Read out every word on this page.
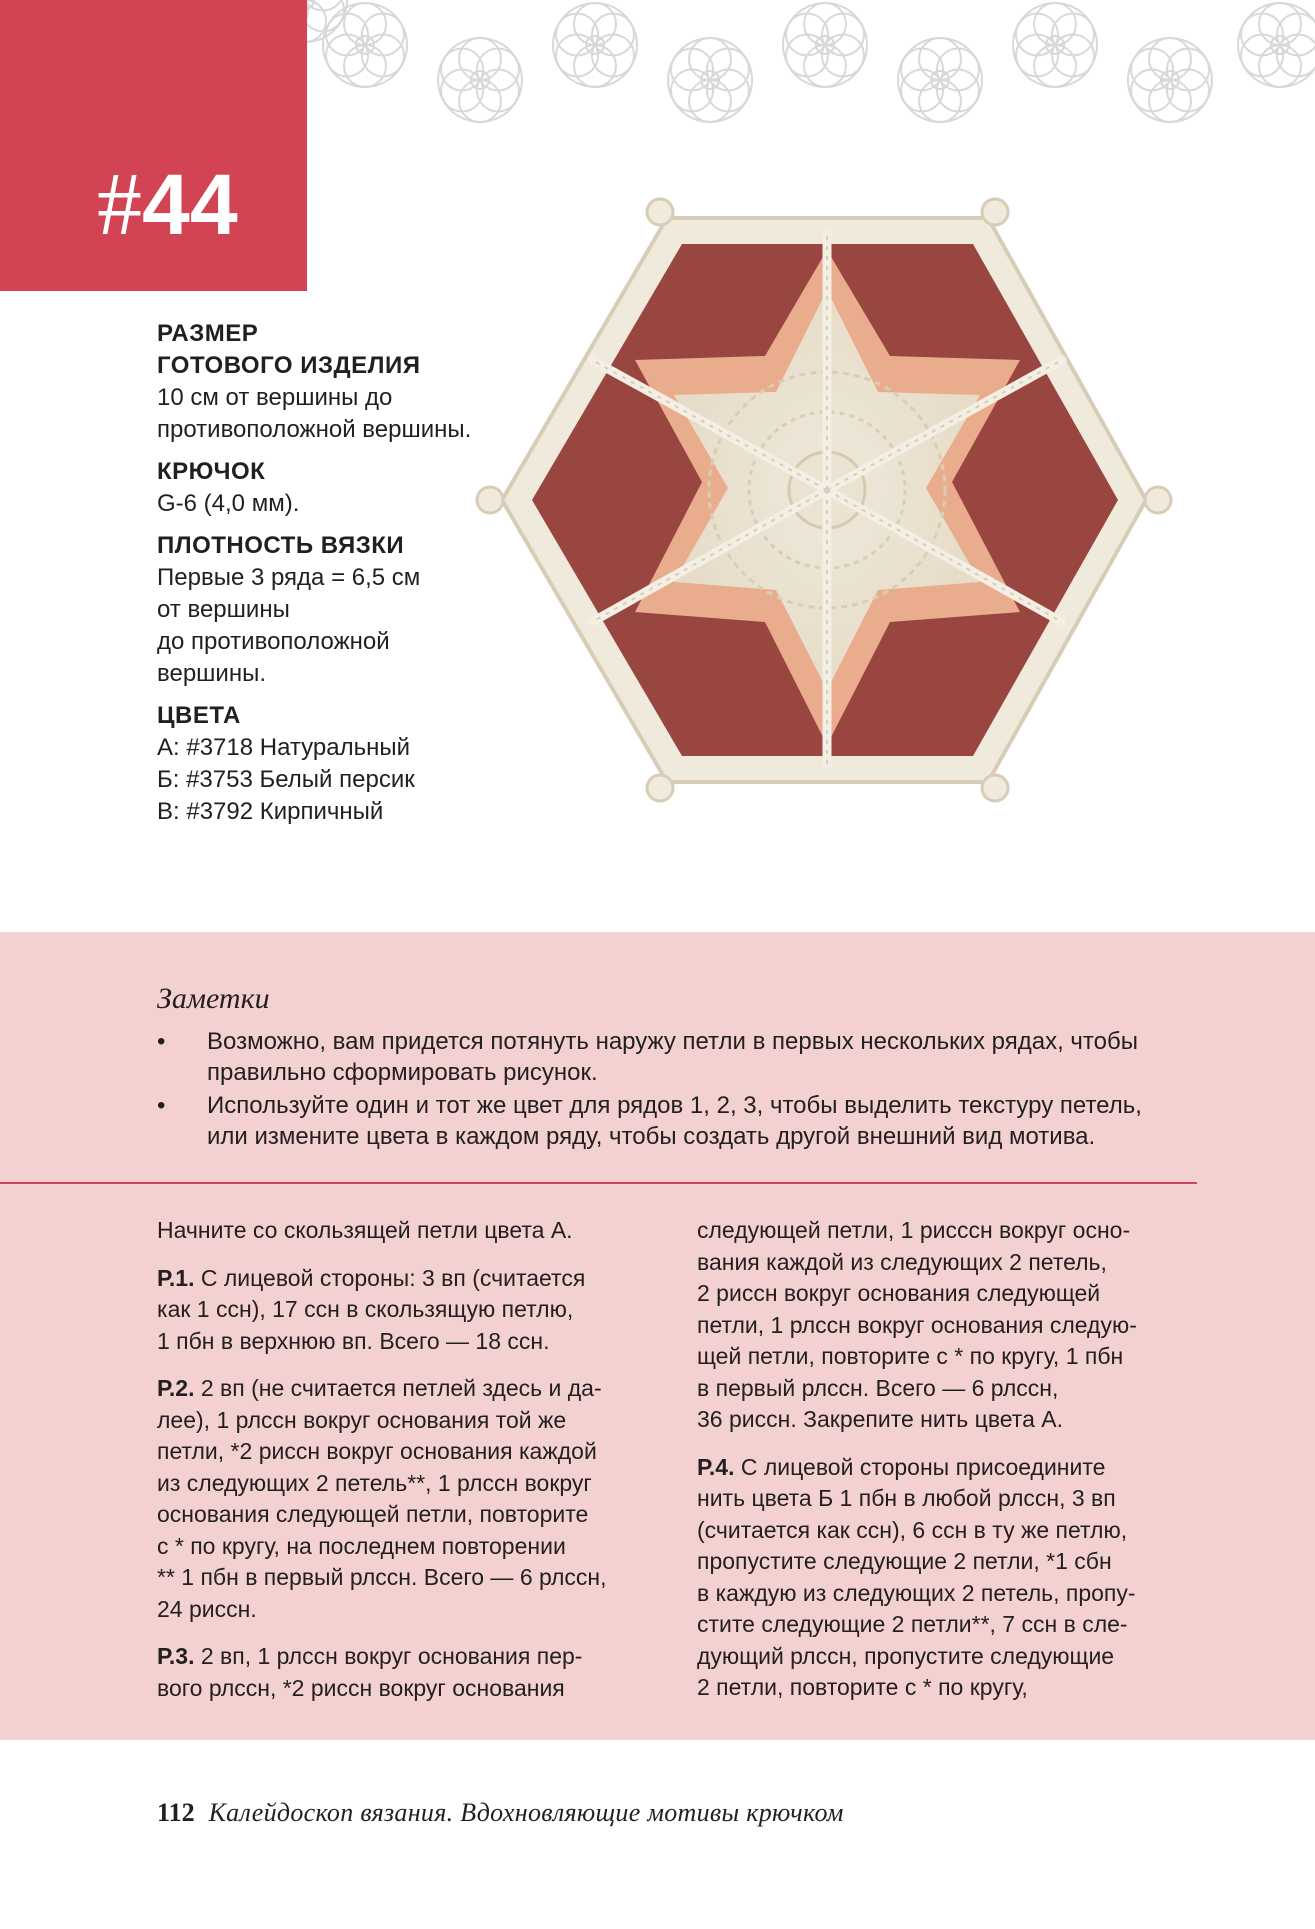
#44

РАЗМЕР

ГОТОВОГО ИЗДЕЛИЯ

10 см от вершины до

противоположной вершины.

КРЮЧОК

G-6 (4,0 мм).

ПЛОТНОСТЬ ВЯЗКИ

Первые 3 ряда = 6,5 см

от вершины

до противоположной

вершины.

ЦВЕТА

А: #3718 Натуральный

Б: #3753 Белый персик

В: #3792 Кирпичный

Заметки
• Возможно, вам придется потянуть наружу петли в первых нескольких рядах, чтобы
правильно сформировать рисунок.
• Используйте один и тот же цвет для рядов 1, 2, 3, чтобы выделить текстуру петель,
или измените цвета в каждом ряду, чтобы создать другой внешний вид мотива.

Начните со скользящей петли цвета А.

Р.1. С лицевой стороны: 3 вп (считается
как 1 ссн), 17 ссн в скользящую петлю,
1 пбн в верхнюю вп. Всего — 18 ссн.

Р.2. 2 вп (не считается петлей здесь и да-
лее), 1 рлссн вокруг основания той же
петли, *2 риссн вокруг основания каждой
из следующих 2 петель**, 1 рлссн вокруг
основания следующей петли, повторите
с * по кругу, на последнем повторении
** 1 пбн в первый рлссн. Всего — 6 рлссн,
24 риссн.

Р.3. 2 вп, 1 рлссн вокруг основания пер-
вого рлссн, *2 риссн вокруг основания

следующей петли, 1 рисссн вокруг осно-
вания каждой из следующих 2 петель,
2 риссн вокруг основания следующей
петли, 1 рлссн вокруг основания следую-
щей петли, повторите с * по кругу, 1 пбн
в первый рлссн. Всего — 6 рлссн,
36 риссн. Закрепите нить цвета А.

Р.4. С лицевой стороны присоедините
нить цвета Б 1 пбн в любой рлссн, 3 вп
(считается как ссн), 6 ссн в ту же петлю,
пропустите следующие 2 петли, *1 сбн
в каждую из следующих 2 петель, пропу-
стите следующие 2 петли**, 7 ссн в сле-
дующий рлссн, пропустите следующие
2 петли, повторите с * по кругу,

112 Калейдоскоп вязания. Вдохновляющие мотивы крючком
